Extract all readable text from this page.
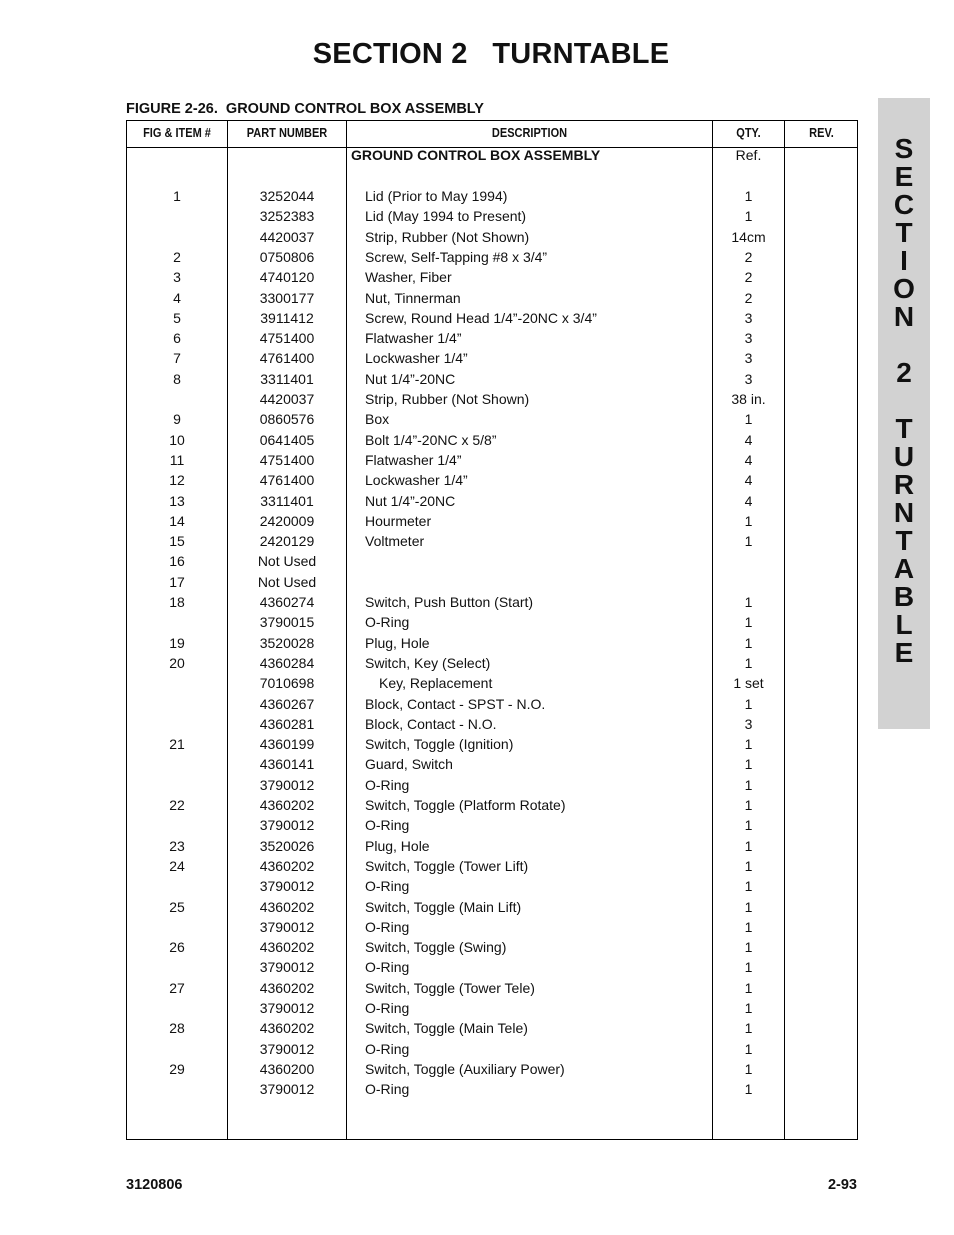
SECTION 2   TURNTABLE
FIGURE 2-26.  GROUND CONTROL BOX ASSEMBLY
FIG & ITEM #	PART NUMBER	DESCRIPTION	QTY.	REV.
GROUND CONTROL BOX ASSEMBLY	Ref.
1	3252044	Lid (Prior to May 1994)	1
3252383	Lid (May 1994 to Present)	1
4420037	Strip, Rubber (Not Shown)	14cm
2	0750806	Screw, Self-Tapping #8 x 3/4”	2
3	4740120	Washer, Fiber	2
4	3300177	Nut, Tinnerman	2
5	3911412	Screw, Round Head 1/4”-20NC x 3/4”	3
6	4751400	Flatwasher 1/4”	3
7	4761400	Lockwasher 1/4”	3
8	3311401	Nut 1/4”-20NC	3
4420037	Strip, Rubber (Not Shown)	38 in.
9	0860576	Box	1
10	0641405	Bolt 1/4”-20NC x 5/8”	4
11	4751400	Flatwasher 1/4”	4
12	4761400	Lockwasher 1/4”	4
13	3311401	Nut 1/4”-20NC	4
14	2420009	Hourmeter	1
15	2420129	Voltmeter	1
16	Not Used
17	Not Used
18	4360274	Switch, Push Button (Start)	1
3790015	O-Ring	1
19	3520028	Plug, Hole	1
20	4360284	Switch, Key (Select)	1
7010698	Key, Replacement	1 set
4360267	Block, Contact - SPST - N.O.	1
4360281	Block, Contact - N.O.	3
21	4360199	Switch, Toggle (Ignition)	1
4360141	Guard, Switch	1
3790012	O-Ring	1
22	4360202	Switch, Toggle (Platform Rotate)	1
3790012	O-Ring	1
23	3520026	Plug, Hole	1
24	4360202	Switch, Toggle (Tower Lift)	1
3790012	O-Ring	1
25	4360202	Switch, Toggle (Main Lift)	1
3790012	O-Ring	1
26	4360202	Switch, Toggle (Swing)	1
3790012	O-Ring	1
27	4360202	Switch, Toggle (Tower Tele)	1
3790012	O-Ring	1
28	4360202	Switch, Toggle (Main Tele)	1
3790012	O-Ring	1
29	4360200	Switch, Toggle (Auxiliary Power)	1
3790012	O-Ring	1
S
E
C
T
I
O
N
2
T
U
R
N
T
A
B
L
E
3120806	2-93
